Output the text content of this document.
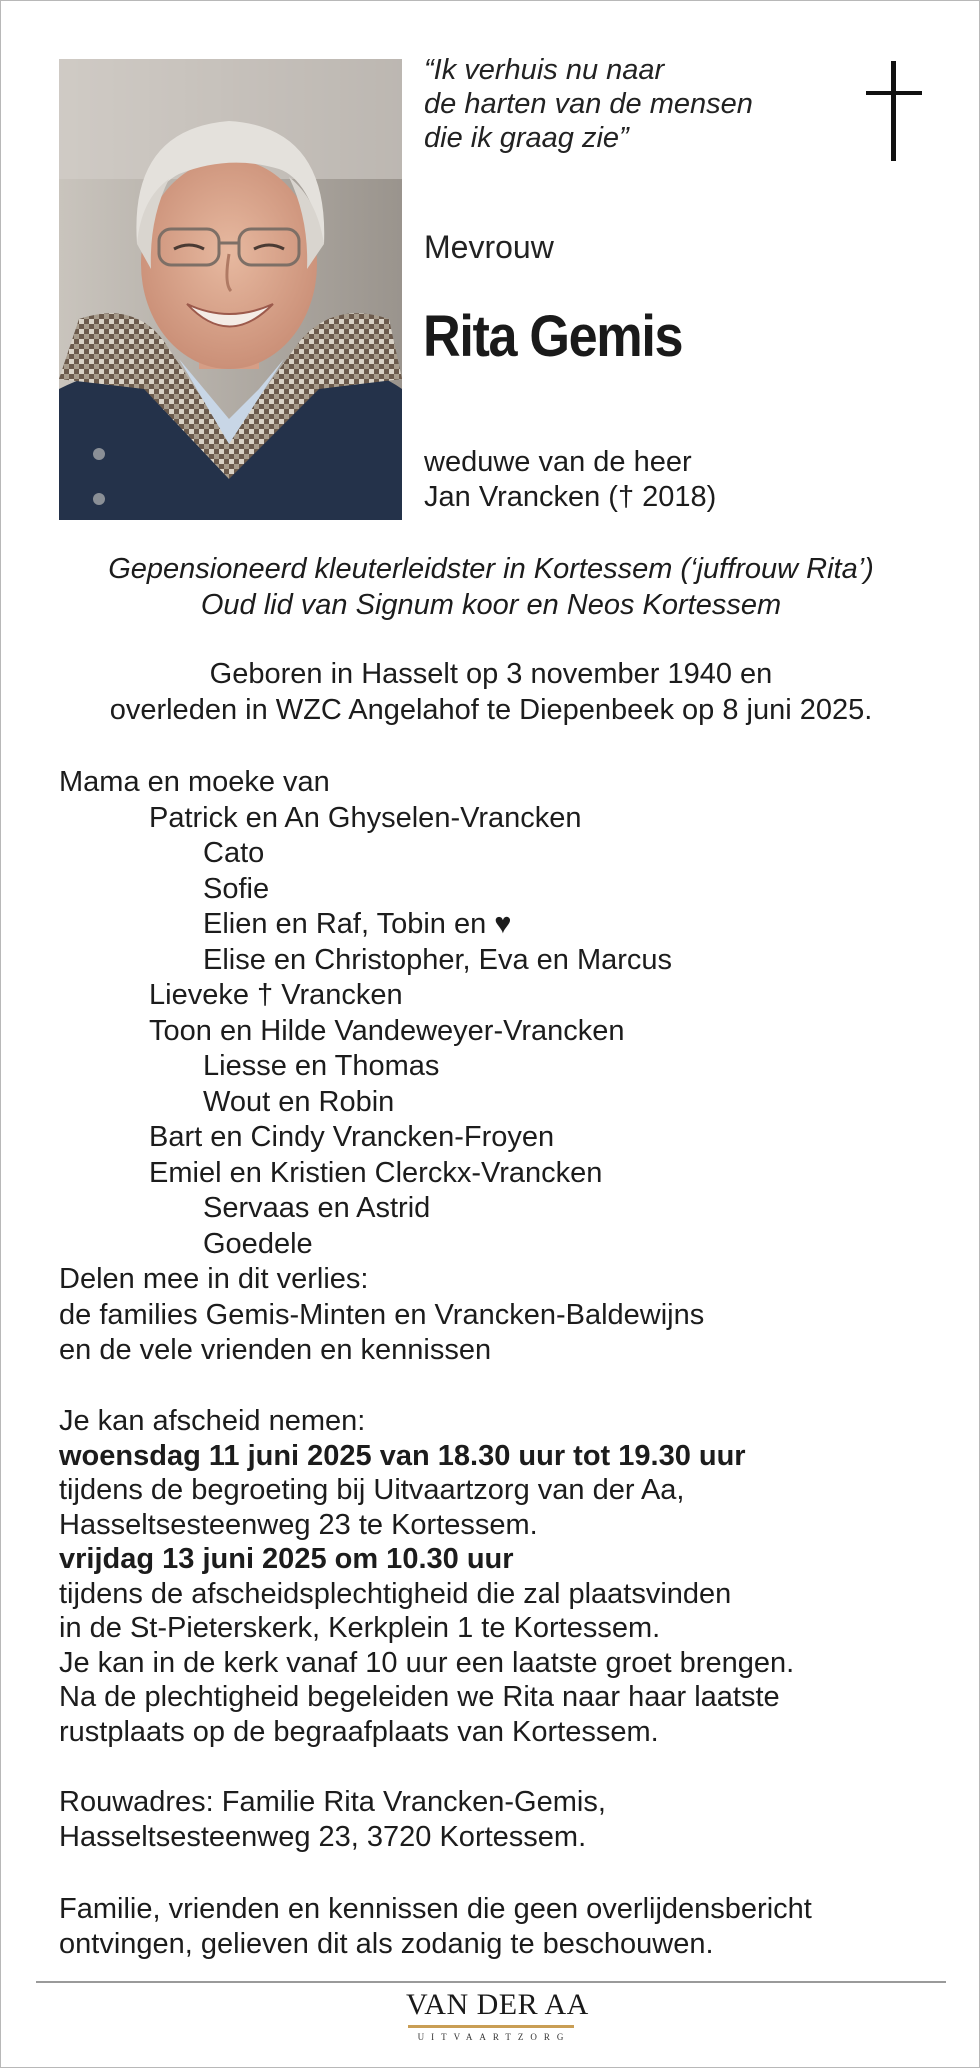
“Ik verhuis nu naar
de harten van de mensen
die ik graag zie”
Mevrouw
Rita Gemis
weduwe van de heer
Jan Vrancken († 2018)
Gepensioneerd kleuterleidster in Kortessem (‘juffrouw Rita’)
Oud lid van Signum koor en Neos Kortessem
Geboren in Hasselt op 3 november 1940 en
overleden in WZC Angelahof te Diepenbeek op 8 juni 2025.
Mama en moeke van
Patrick en An Ghyselen-Vrancken
Cato
Sofie
Elien en Raf, Tobin en ♥
Elise en Christopher, Eva en Marcus
Lieveke † Vrancken
Toon en Hilde Vandeweyer-Vrancken
Liesse en Thomas
Wout en Robin
Bart en Cindy Vrancken-Froyen
Emiel en Kristien Clerckx-Vrancken
Servaas en Astrid
Goedele
Delen mee in dit verlies:
de families Gemis-Minten en Vrancken-Baldewijns
en de vele vrienden en kennissen
Je kan afscheid nemen:
woensdag 11 juni 2025 van 18.30 uur tot 19.30 uur
tijdens de begroeting bij Uitvaartzorg van der Aa,
Hasseltsesteenweg 23 te Kortessem.
vrijdag 13 juni 2025 om 10.30 uur
tijdens de afscheidsplechtigheid die zal plaatsvinden
in de St-Pieterskerk, Kerkplein 1 te Kortessem.
Je kan in de kerk vanaf 10 uur een laatste groet brengen.
Na de plechtigheid begeleiden we Rita naar haar laatste
rustplaats op de begraafplaats van Kortessem.
Rouwadres: Familie Rita Vrancken-Gemis,
Hasseltsesteenweg 23, 3720 Kortessem.
Familie, vrienden en kennissen die geen overlijdensbericht
ontvingen, gelieven dit als zodanig te beschouwen.
VAN DER AA
UITVAARTZORG
